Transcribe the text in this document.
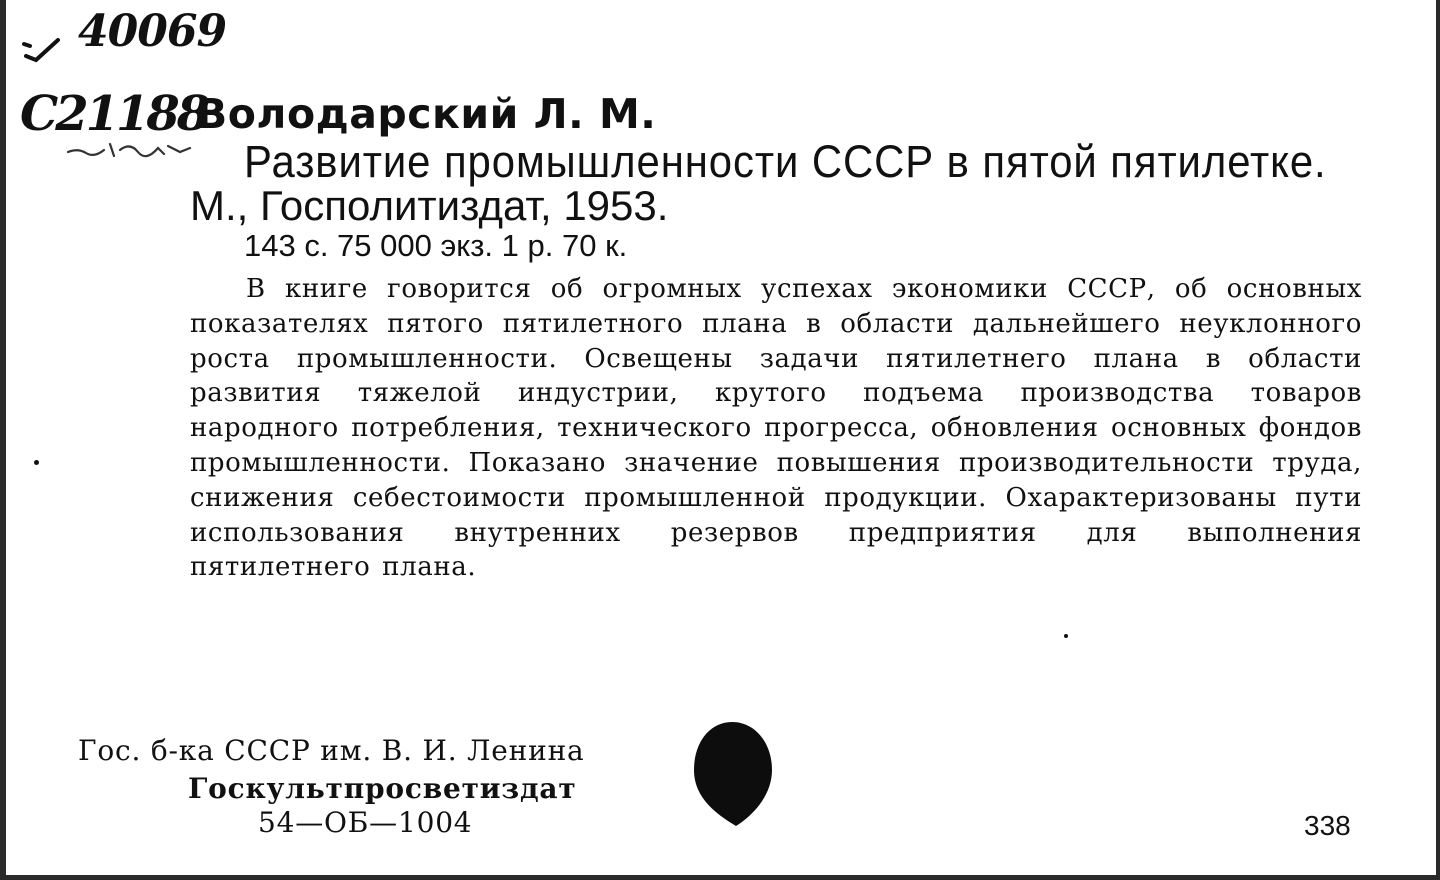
40069
C21188
Володарский Л. М.
Развитие промышленности СССР в пятой пятилетке.
М., Госполитиздат, 1953.
143 с. 75 000 экз. 1 р. 70 к.
В книге говорится об огромных успехах экономики СССР, об основных показателях пятого пятилетного плана в области дальнейшего неуклонного роста промышленности. Освещены задачи пятилетнего плана в области развития тяжелой индустрии, крутого подъема производства товаров народного потребления, технического прогресса, обновления основных фондов промышленности. Показано значение повышения производительности труда, снижения себестоимости промышленной продукции. Охарактеризованы пути использования внутренних резервов предприятия для выполнения пятилетнего плана.
Гос. б-ка СССР им. В. И. Ленина
Госкультпросветиздат
54—ОБ—1004	338
